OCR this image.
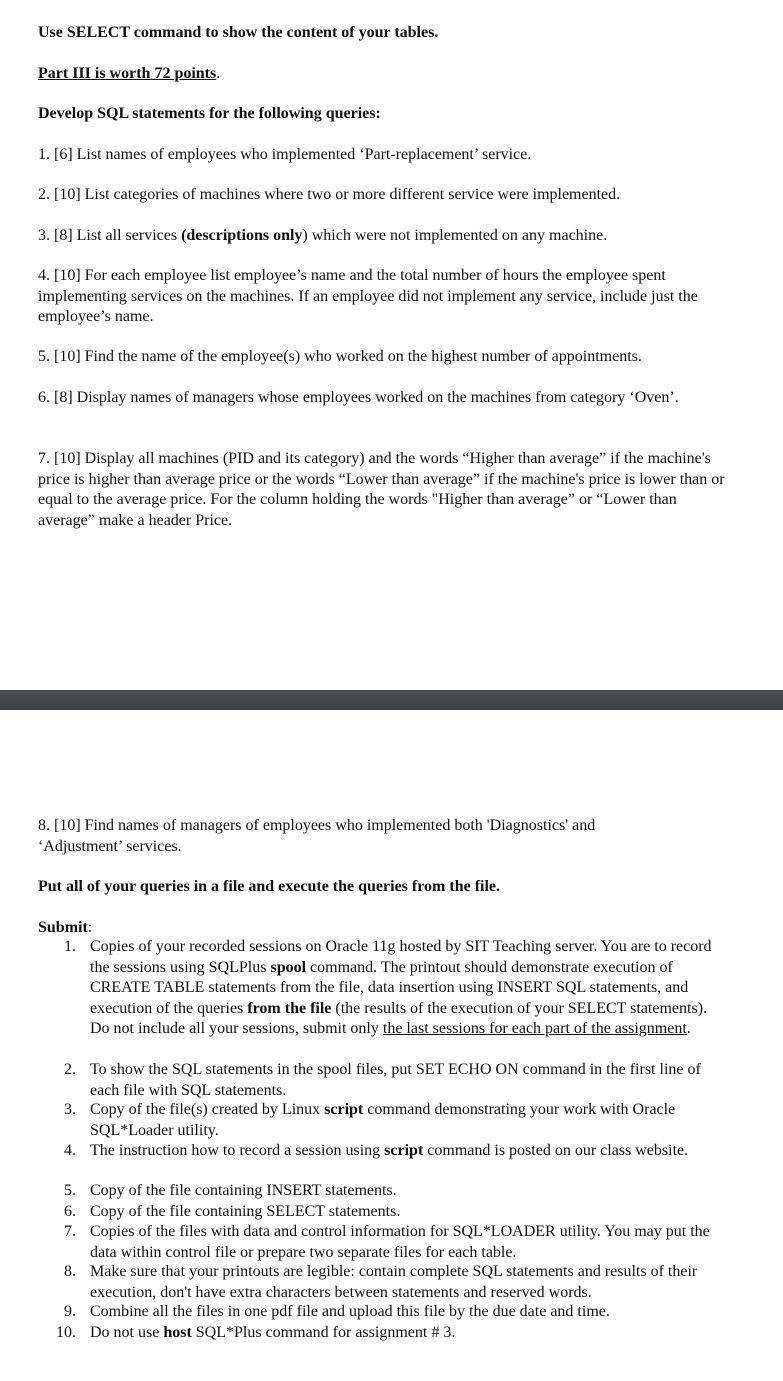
Use SELECT command to show the content of your tables.

Part III is worth 72 points.

Develop SQL statements for the following queries:

1. [6] List names of employees who implemented ‘Part-replacement’ service.

2. [10] List categories of machines where two or more different service were implemented.

3. [8] List all services (descriptions only) which were not implemented on any machine.

4. [10] For each employee list employee’s name and the total number of hours the employee spent implementing services on the machines. If an employee did not implement any service, include just the employee’s name.

5. [10] Find the name of the employee(s) who worked on the highest number of appointments.

6. [8] Display names of managers whose employees worked on the machines from category ‘Oven’.

7. [10] Display all machines (PID and its category) and the words “Higher than average” if the machine's price is higher than average price or the words “Lower than average” if the machine's price is lower than or equal to the average price. For the column holding the words "Higher than average” or “Lower than average” make a header Price.

8. [10] Find names of managers of employees who implemented both 'Diagnostics' and ‘Adjustment’ services.

Put all of your queries in a file and execute the queries from the file.

Submit:

1. Copies of your recorded sessions on Oracle 11g hosted by SIT Teaching server. You are to record the sessions using SQLPlus spool command. The printout should demonstrate execution of CREATE TABLE statements from the file, data insertion using INSERT SQL statements, and execution of the queries from the file (the results of the execution of your SELECT statements). Do not include all your sessions, submit only the last sessions for each part of the assignment.
2. To show the SQL statements in the spool files, put SET ECHO ON command in the first line of each file with SQL statements.
3. Copy of the file(s) created by Linux script command demonstrating your work with Oracle SQL*Loader utility.
4. The instruction how to record a session using script command is posted on our class website.
5. Copy of the file containing INSERT statements.
6. Copy of the file containing SELECT statements.
7. Copies of the files with data and control information for SQL*LOADER utility. You may put the data within control file or prepare two separate files for each table.
8. Make sure that your printouts are legible: contain complete SQL statements and results of their execution, don't have extra characters between statements and reserved words.
9. Combine all the files in one pdf file and upload this file by the due date and time.
10. Do not use host SQL*Plus command for assignment # 3.
